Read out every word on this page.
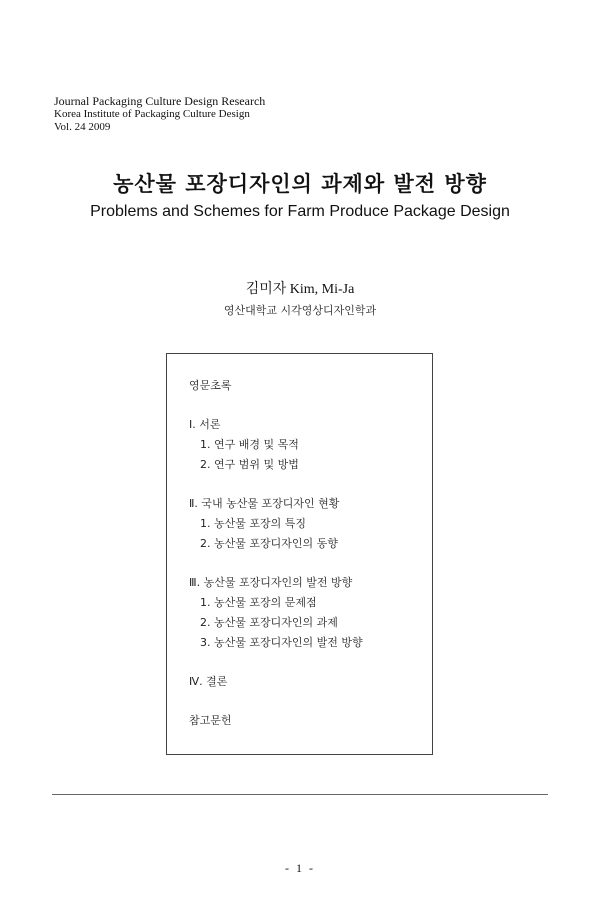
Journal Packaging Culture Design Research
Korea Institute of Packaging Culture Design
Vol. 24 2009
농산물 포장디자인의 과제와 발전 방향
Problems and Schemes for Farm Produce Package Design
김미자 Kim, Mi-Ja
영산대학교 시각영상디자인학과
영문초록
Ⅰ. 서론
1. 연구 배경 및 목적
2. 연구 범위 및 방법
Ⅱ. 국내 농산물 포장디자인 현황
1. 농산물 포장의 특징
2. 농산물 포장디자인의 동향
Ⅲ. 농산물 포장디자인의 발전 방향
1. 농산물 포장의 문제점
2. 농산물 포장디자인의 과제
3. 농산물 포장디자인의 발전 방향
Ⅳ. 결론
참고문헌
- 1 -
